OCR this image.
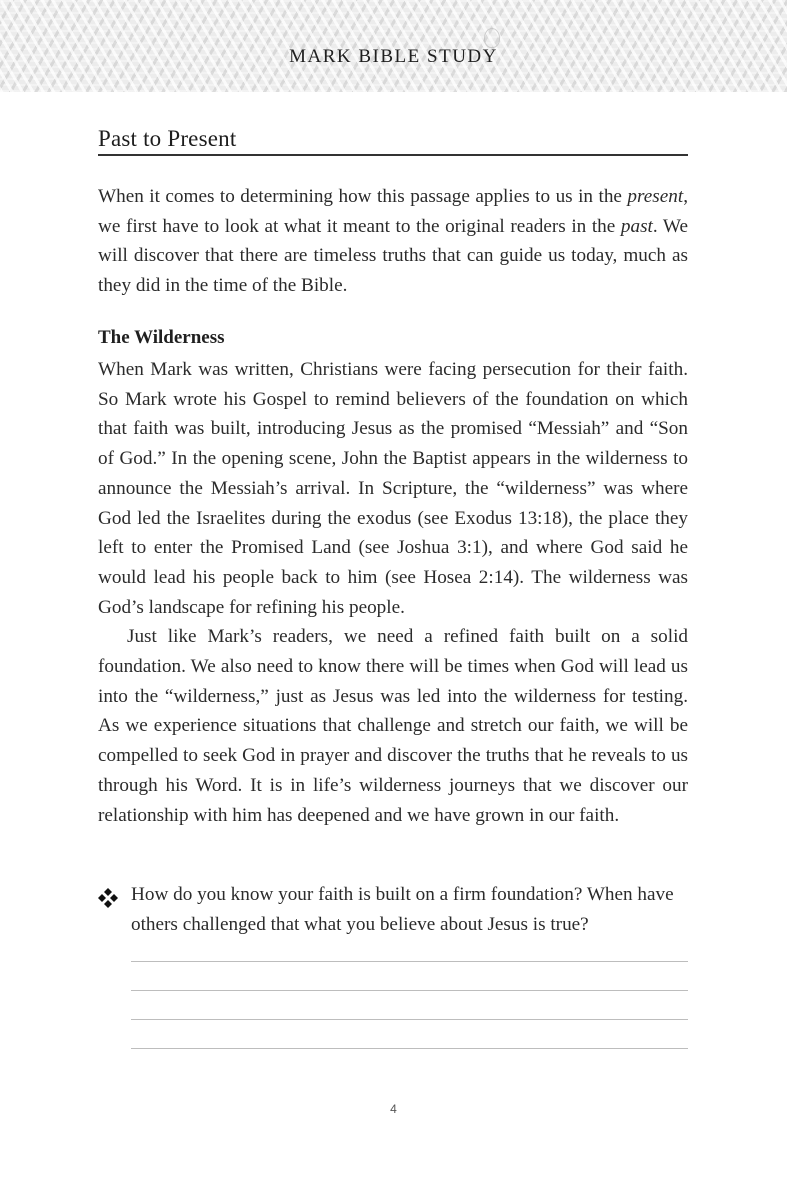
MARK BIBLE STUDY
Past to Present

When it comes to determining how this passage applies to us in the present, we first have to look at what it meant to the original readers in the past. We will discover that there are timeless truths that can guide us today, much as they did in the time of the Bible.

The Wilderness

When Mark was written, Christians were facing persecution for their faith. So Mark wrote his Gospel to remind believers of the foundation on which that faith was built, introducing Jesus as the promised “Messiah” and “Son of God.” In the opening scene, John the Baptist appears in the wilderness to announce the Messiah’s arrival. In Scripture, the “wilderness” was where God led the Israelites during the exodus (see Exodus 13:18), the place they left to enter the Promised Land (see Joshua 3:1), and where God said he would lead his people back to him (see Hosea 2:14). The wilderness was God’s landscape for refining his people.

Just like Mark’s readers, we need a refined faith built on a solid foundation. We also need to know there will be times when God will lead us into the “wilderness,” just as Jesus was led into the wilderness for testing. As we experience situations that challenge and stretch our faith, we will be compelled to seek God in prayer and discover the truths that he reveals to us through his Word. It is in life’s wilderness journeys that we discover our relationship with him has deepened and we have grown in our faith.

How do you know your faith is built on a firm foundation? When have others challenged that what you believe about Jesus is true?
4
